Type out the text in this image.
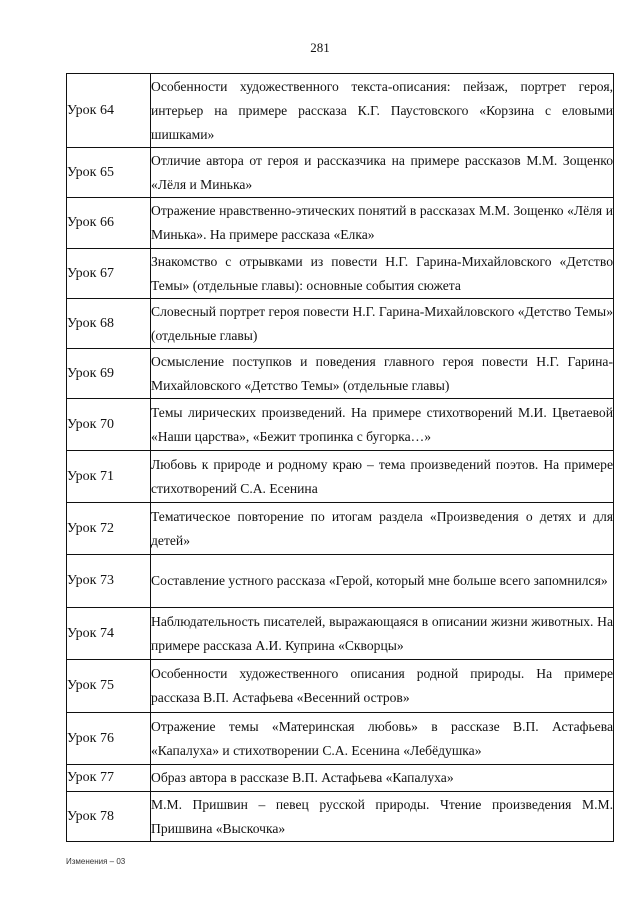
281
Урок 64	Особенности художественного текста-описания: пейзаж, портрет героя, интерьер на примере рассказа К.Г. Паустовского «Корзина с еловыми шишками»
Урок 65	Отличие автора от героя и рассказчика на примере рассказов М.М. Зощенко «Лёля и Минька»
Урок 66	Отражение нравственно-этических понятий в рассказах М.М. Зощенко «Лёля и Минька». На примере рассказа «Елка»
Урок 67	Знакомство с отрывками из повести Н.Г. Гарина-Михайловского «Детство Темы» (отдельные главы): основные события сюжета
Урок 68	Словесный портрет героя повести Н.Г. Гарина-Михайловского «Детство Темы» (отдельные главы)
Урок 69	Осмысление поступков и поведения главного героя повести Н.Г. Гарина-Михайловского «Детство Темы» (отдельные главы)
Урок 70	Темы лирических произведений. На примере стихотворений М.И. Цветаевой «Наши царства», «Бежит тропинка с бугорка…»
Урок 71	Любовь к природе и родному краю – тема произведений поэтов. На примере стихотворений С.А. Есенина
Урок 72	Тематическое повторение по итогам раздела «Произведения о детях и для детей»
Урок 73	Составление устного рассказа «Герой, который мне больше всего запомнился»
Урок 74	Наблюдательность писателей, выражающаяся в описании жизни животных. На примере рассказа А.И. Куприна «Скворцы»
Урок 75	Особенности художественного описания родной природы. На примере рассказа В.П. Астафьева «Весенний остров»
Урок 76	Отражение темы «Материнская любовь» в рассказе В.П. Астафьева «Капалуха» и стихотворении С.А. Есенина «Лебёдушка»
Урок 77	Образ автора в рассказе В.П. Астафьева «Капалуха»
Урок 78	М.М. Пришвин – певец русской природы. Чтение произведения М.М. Пришвина «Выскочка»
Изменения – 03
